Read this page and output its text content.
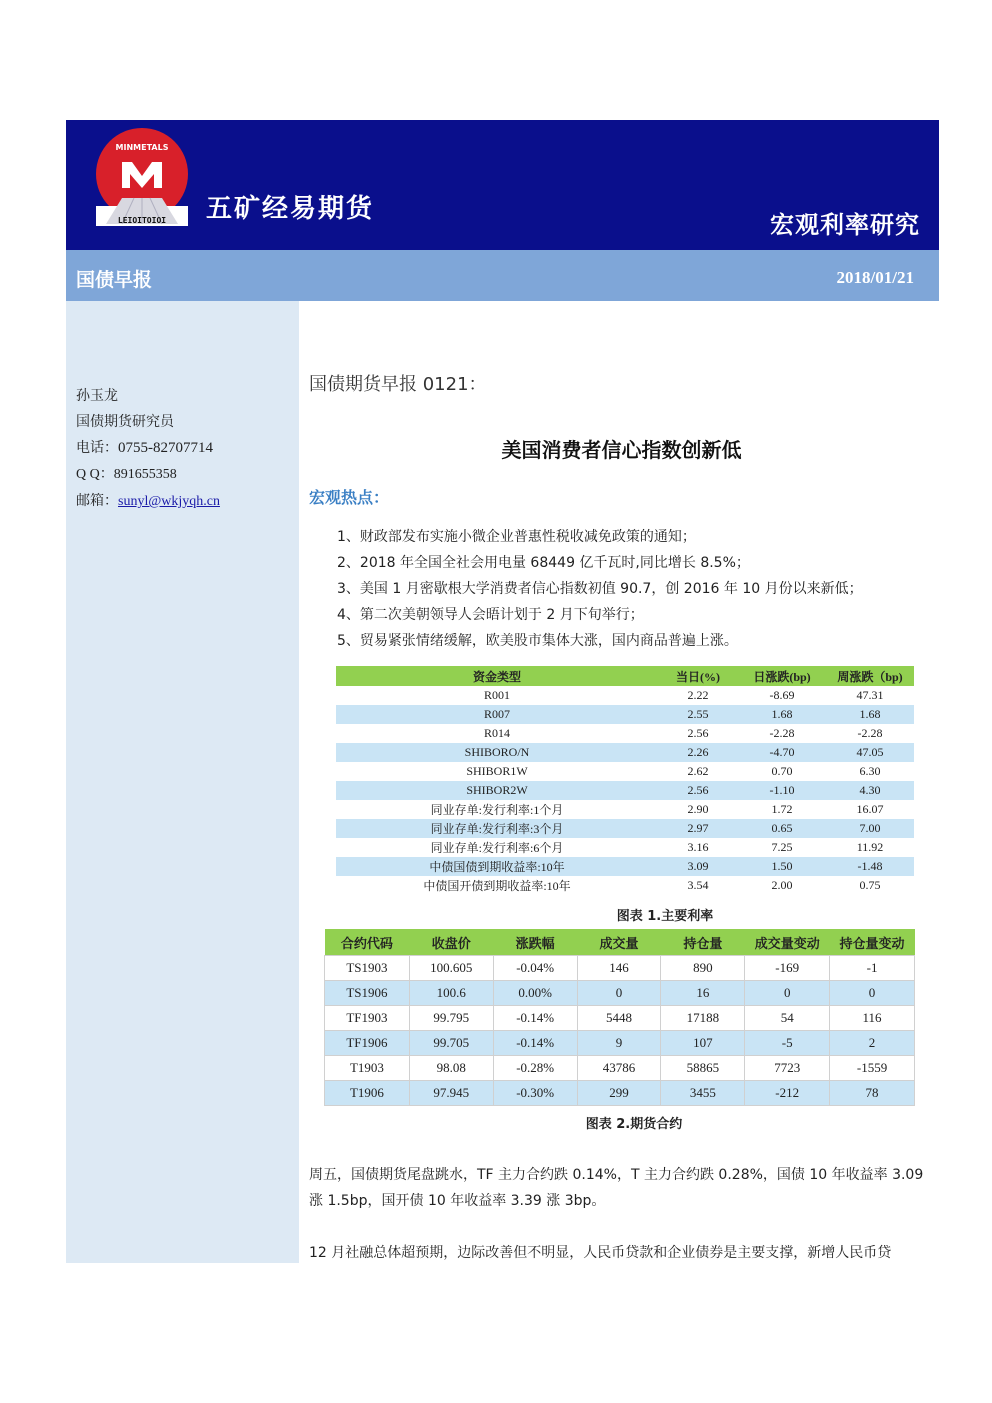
MINMETALS
LEIOITOIOI 五矿经易期货
宏观利率研究
国债早报	2018/01/21
孙玉龙
国债期货研究员
电话：0755-82707714
Q Q：891655358
邮箱：sunyl@wkjyqh.cn
国债期货早报 0121：
美国消费者信心指数创新低
宏观热点：
1、财政部发布实施小微企业普惠性税收减免政策的通知；
2、2018 年全国全社会用电量 68449 亿千瓦时,同比增长 8.5%；
3、美国 1 月密歇根大学消费者信心指数初值 90.7，创 2016 年 10 月份以来新低；
4、第二次美朝领导人会晤计划于 2 月下旬举行；
5、贸易紧张情绪缓解，欧美股市集体大涨，国内商品普遍上涨。
资金类型	当日(%)	日涨跌(bp)	周涨跌（bp)
R001	2.22	-8.69	47.31
R007	2.55	1.68	1.68
R014	2.56	-2.28	-2.28
SHIBORO/N	2.26	-4.70	47.05
SHIBOR1W	2.62	0.70	6.30
SHIBOR2W	2.56	-1.10	4.30
同业存单:发行利率:1个月	2.90	1.72	16.07
同业存单:发行利率:3个月	2.97	0.65	7.00
同业存单:发行利率:6个月	3.16	7.25	11.92
中债国债到期收益率:10年	3.09	1.50	-1.48
中债国开债到期收益率:10年	3.54	2.00	0.75
图表 1.主要利率
合约代码	收盘价	涨跌幅	成交量	持仓量	成交量变动	持仓量变动
TS1903	100.605	-0.04%	146	890	-169	-1
TS1906	100.6	0.00%	0	16	0	0
TF1903	99.795	-0.14%	5448	17188	54	116
TF1906	99.705	-0.14%	9	107	-5	2
T1903	98.08	-0.28%	43786	58865	7723	-1559
T1906	97.945	-0.30%	299	3455	-212	78
图表 2.期货合约
周五，国债期货尾盘跳水，TF 主力合约跌 0.14%，T 主力合约跌 0.28%，国债 10 年收益率 3.09 涨 1.5bp，国开债 10 年收益率 3.39 涨 3bp。
12 月社融总体超预期，边际改善但不明显，人民币贷款和企业债券是主要支撑，新增人民币贷
